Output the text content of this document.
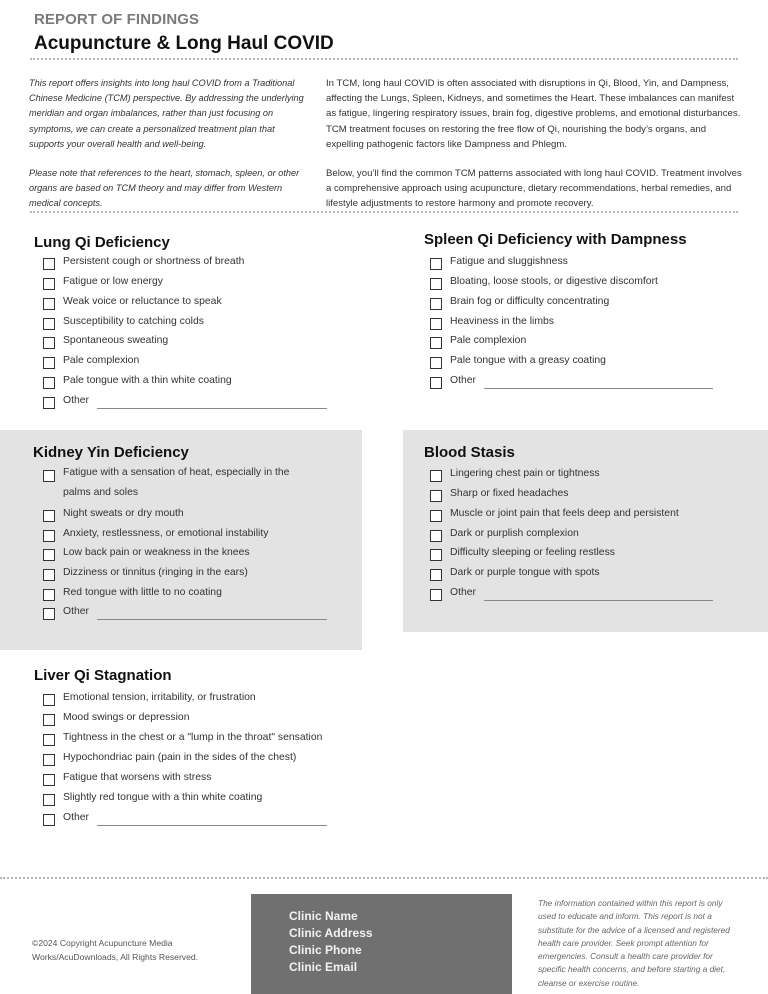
REPORT OF FINDINGS
Acupuncture & Long Haul COVID

This report offers insights into long haul COVID from a Traditional Chinese Medicine (TCM) perspective. By addressing the underlying meridian and organ imbalances, rather than just focusing on symptoms, we can create a personalized treatment plan that supports your overall health and well-being.

Please note that references to the heart, stomach, spleen, or other organs are based on TCM theory and may differ from Western medical concepts.

In TCM, long haul COVID is often associated with disruptions in Qi, Blood, Yin, and Dampness, affecting the Lungs, Spleen, Kidneys, and sometimes the Heart. These imbalances can manifest as fatigue, lingering respiratory issues, brain fog, digestive problems, and emotional disturbances. TCM treatment focuses on restoring the free flow of Qi, nourishing the body’s organs, and expelling pathogenic factors like Dampness and Phlegm.

Below, you’ll find the common TCM patterns associated with long haul COVID. Treatment involves a comprehensive approach using acupuncture, dietary recommendations, herbal remedies, and lifestyle adjustments to restore harmony and promote recovery.

Lung Qi Deficiency
Persistent cough or shortness of breath
Fatigue or low energy
Weak voice or reluctance to speak
Susceptibility to catching colds
Spontaneous sweating
Pale complexion
Pale tongue with a thin white coating
Other
Spleen Qi Deficiency with Dampness
Fatigue and sluggishness
Bloating, loose stools, or digestive discomfort
Brain fog or difficulty concentrating
Heaviness in the limbs
Pale complexion
Pale tongue with a greasy coating
Other
Kidney Yin Deficiency
Fatigue with a sensation of heat, especially in the palms and soles
Night sweats or dry mouth
Anxiety, restlessness, or emotional instability
Low back pain or weakness in the knees
Dizziness or tinnitus (ringing in the ears)
Red tongue with little to no coating
Other
Blood Stasis
Lingering chest pain or tightness
Sharp or fixed headaches
Muscle or joint pain that feels deep and persistent
Dark or purplish complexion
Difficulty sleeping or feeling restless
Dark or purple tongue with spots
Other
Liver Qi Stagnation
Emotional tension, irritability, or frustration
Mood swings or depression
Tightness in the chest or a "lump in the throat" sensation
Hypochondriac pain (pain in the sides of the chest)
Fatigue that worsens with stress
Slightly red tongue with a thin white coating
Other
©2024 Copyright Acupuncture Media Works/AcuDownloads, All Rights Reserved.
Clinic Name
Clinic Address
Clinic Phone
Clinic Email
The information contained within this report is only used to educate and inform. This report is not a substitute for the advice of a licensed and registered health care provider. Seek prompt attention for emergencies. Consult a health care provider for specific health concerns, and before starting a diet, cleanse or exercise routine.
